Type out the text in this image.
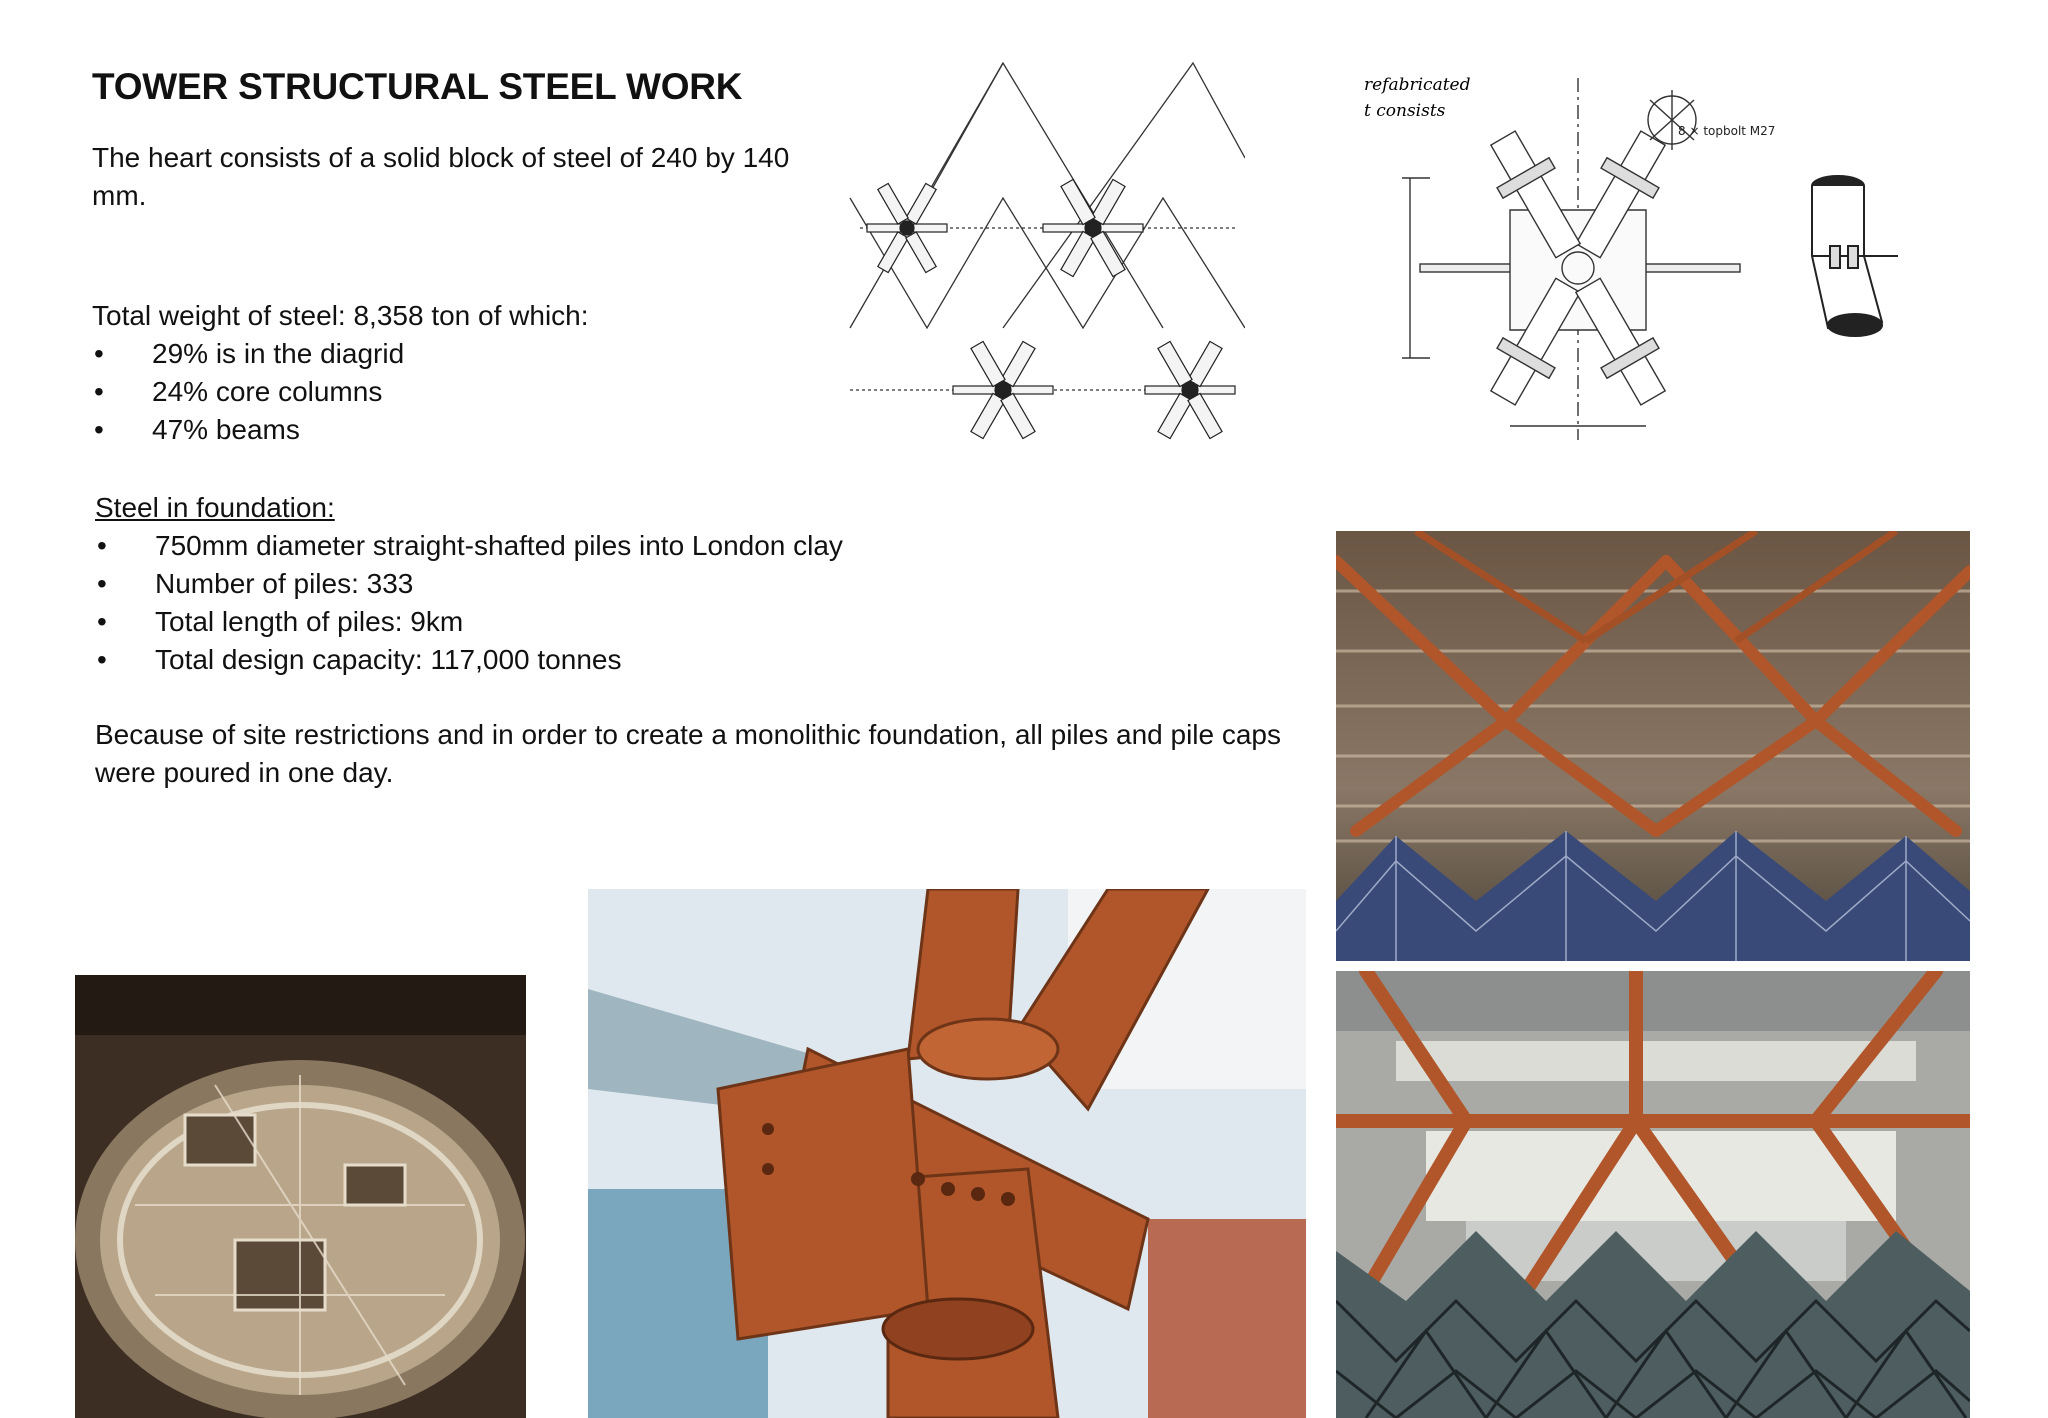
TOWER STRUCTURAL STEEL WORK
The heart consists of a solid block of steel of 240 by 140 mm.
Total weight of steel: 8,358 ton of which:
• 29% is in the diagrid
• 24% core columns
• 47% beams
Steel in foundation:
• 750mm diameter straight-shafted piles into London clay
• Number of piles: 333
• Total length of piles: 9km
• Total design capacity: 117,000 tonnes
Because of site restrictions and in order to create a monolithic foundation, all piles and pile caps were poured in one day.
refabricated
t consists
8 × topbolt M27
